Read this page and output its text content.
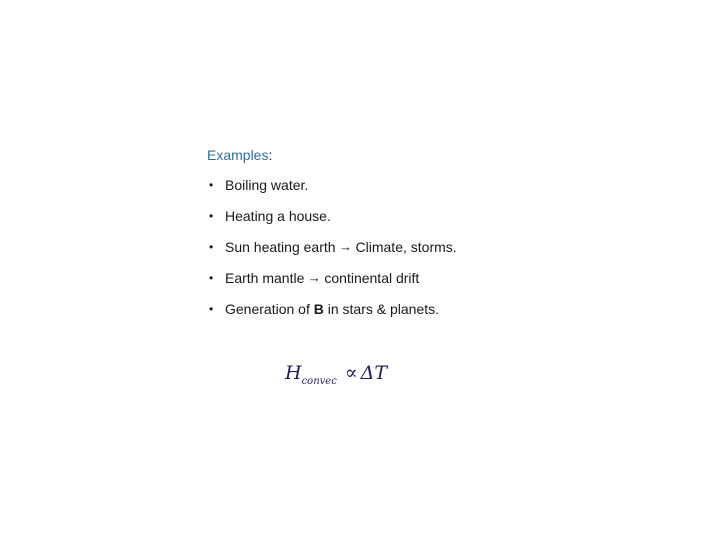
Examples:
• Boiling water.
• Heating a house.
• Sun heating earth → Climate, storms.
• Earth mantle → continental drift
• Generation of B in stars & planets.
$H_{convec} \propto \Delta T$
